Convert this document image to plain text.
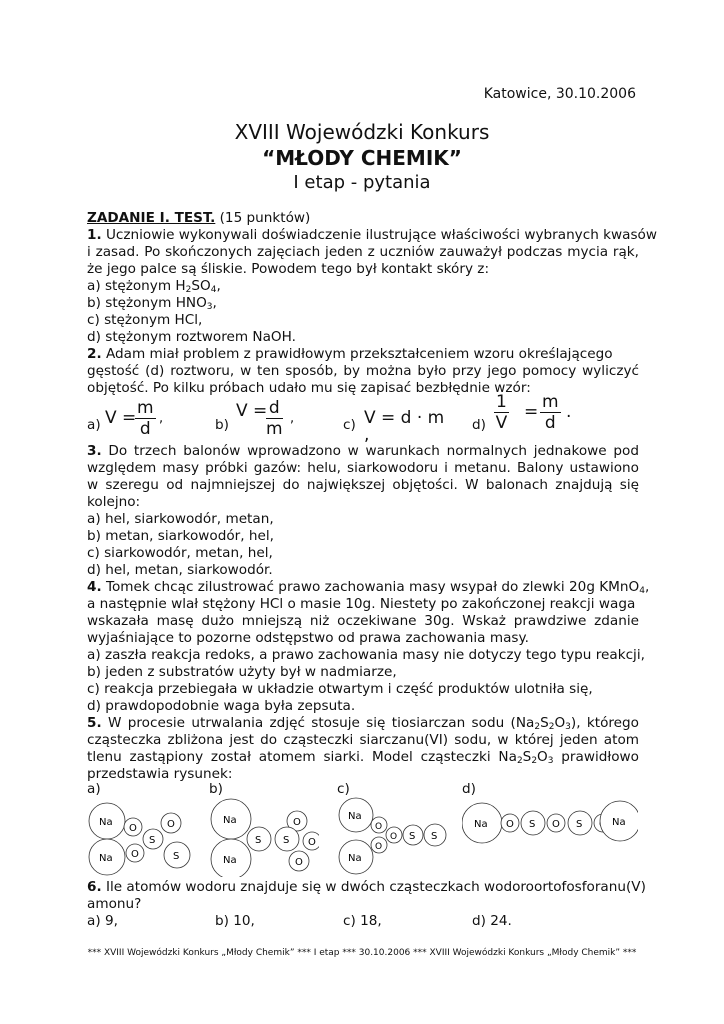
Katowice, 30.10.2006
XVIII Wojewódzki Konkurs
“MŁODY CHEMIK”
I etap - pytania
ZADANIE I. TEST. (15 punktów)
1. Uczniowie wykonywali doświadczenie ilustrujące właściwości wybranych kwasów
i zasad. Po skończonych zajęciach jeden z uczniów zauważył podczas mycia rąk,
że jego palce są śliskie. Powodem tego był kontakt skóry z:
a) stężonym $H_2SO_4$,
b) stężonym $HNO_3$,
c) stężonym HCl,
d) stężonym roztworem NaOH.
2. Adam miał problem z prawidłowym przekształceniem wzoru określającego
gęstość (d) roztworu, w ten sposób, by można było przy jego pomocy wyliczyć
objętość. Po kilku próbach udało mu się zapisać bezbłędnie wzór:
a) V =
$\frac{m}{d}$ ,	b)
V =
$\frac{d}{m}$ ,	c) V = d · m ,	$d) \frac{1}{V} = \frac{m}{d}$ .
3. Do trzech balonów wprowadzono w warunkach normalnych jednakowe pod
względem masy próbki gazów: helu, siarkowodoru i metanu. Balony ustawiono
w szeregu od najmniejszej do największej objętości. W balonach znajdują się
kolejno:
a) hel, siarkowodór, metan,
b) metan, siarkowodór, hel,
c) siarkowodór, metan, hel,
d) hel, metan, siarkowodór.
4. Tomek chcąc zilustrować prawo zachowania masy wsypał do zlewki 20g KMnO$_4$,
a następnie wlał stężony HCl o masie 10g. Niestety po zakończonej reakcji waga
wskazała masę dużo mniejszą niż oczekiwane 30g. Wskaż prawdziwe zdanie
wyjaśniające to pozorne odstępstwo od prawa zachowania masy.
a) zaszła reakcja redoks, a prawo zachowania masy nie dotyczy tego typu reakcji,
b) jeden z substratów użyty był w nadmiarze,
c) reakcja przebiegała w układzie otwartym i część produktów ulotniła się,
d) prawdopodobnie waga była zepsuta.
5. W procesie utrwalania zdjęć stosuje się tiosiarczan sodu $(Na_2S_2O_3)$, którego
cząsteczka zbliżona jest do cząsteczki siarczanu(VI) sodu, w której jeden atom
tlenu zastąpiony został atomem siarki. Model cząsteczki $Na_2S_2O_3$ prawidłowo
przedstawia rysunek:
a)	b)	c)	d)
Na
Na
O	O
S
O	S
Na
Na
O
S S O
O
Na
Na
O
O
O S S
Na O S O S	Na
6. Ile atomów wodoru znajduje się w dwóch cząsteczkach wodoroortofosforanu(V)
amonu?
a) 9,	b) 10,	c) 18,	d) 24.
*** XVIII Wojewódzki Konkurs „Młody Chemik” *** I etap *** 30.10.2006 *** XVIII Wojewódzki Konkurs „Młody Chemik” ***
